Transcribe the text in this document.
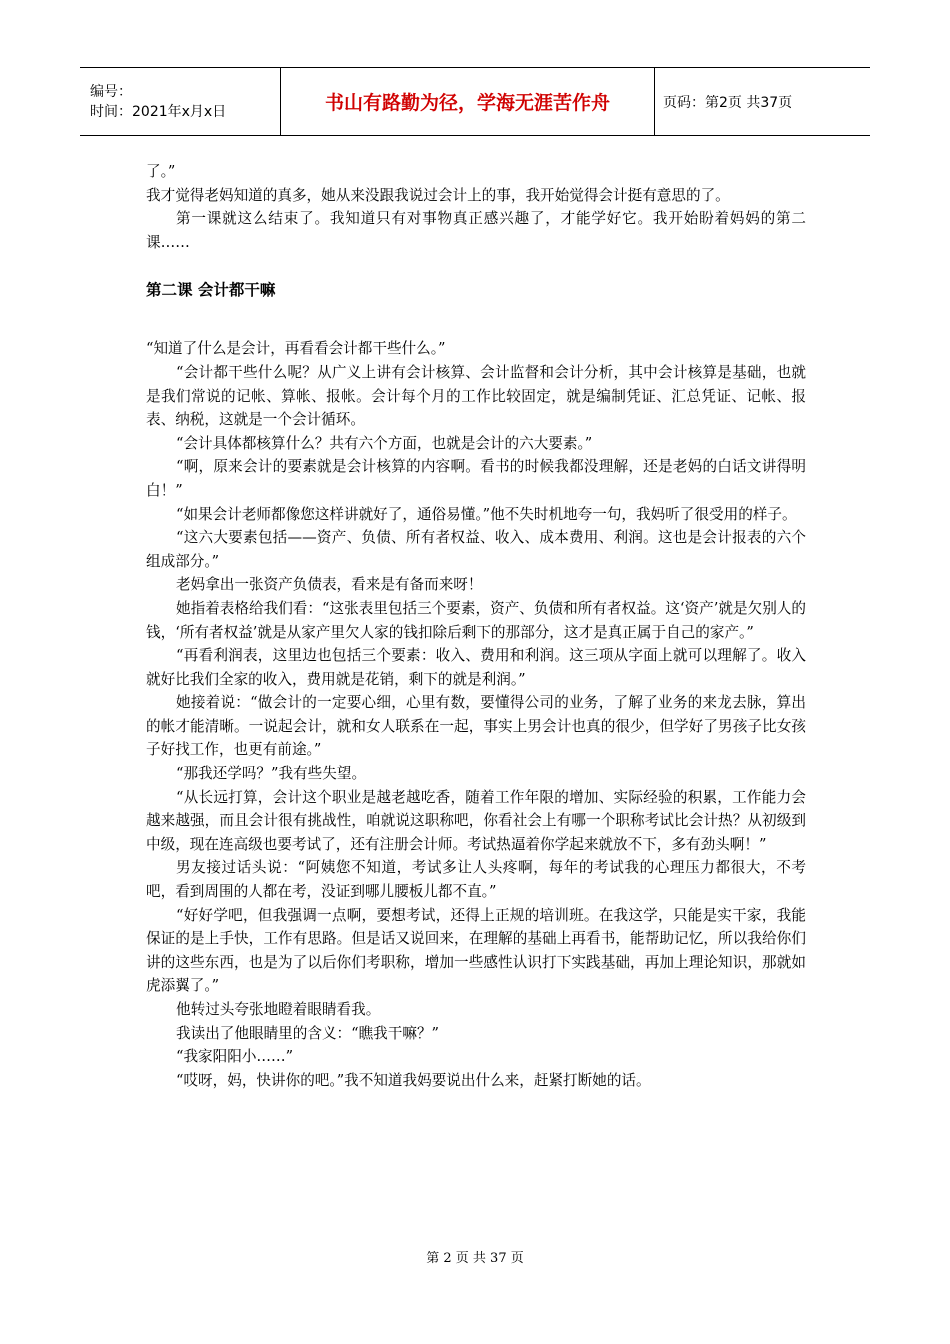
编号：
时间：2021年x月x日	书山有路勤为径，学海无涯苦作舟	页码：第2页 共37页

了。”

我才觉得老妈知道的真多，她从来没跟我说过会计上的事，我开始觉得会计挺有意思的了。

第一课就这么结束了。我知道只有对事物真正感兴趣了，才能学好它。我开始盼着妈妈的第二课……

第二课 会计都干嘛

“知道了什么是会计，再看看会计都干些什么。”

“会计都干些什么呢？从广义上讲有会计核算、会计监督和会计分析，其中会计核算是基础，也就是我们常说的记帐、算帐、报帐。会计每个月的工作比较固定，就是编制凭证、汇总凭证、记帐、报表、纳税，这就是一个会计循环。

“会计具体都核算什么？共有六个方面，也就是会计的六大要素。”

“啊，原来会计的要素就是会计核算的内容啊。看书的时候我都没理解，还是老妈的白话文讲得明白！”

“如果会计老师都像您这样讲就好了，通俗易懂。”他不失时机地夸一句，我妈听了很受用的样子。

“这六大要素包括——资产、负债、所有者权益、收入、成本费用、利润。这也是会计报表的六个组成部分。”

老妈拿出一张资产负债表，看来是有备而来呀！

她指着表格给我们看：“这张表里包括三个要素，资产、负债和所有者权益。这‘资产’就是欠别人的钱，‘所有者权益’就是从家产里欠人家的钱扣除后剩下的那部分，这才是真正属于自己的家产。”

“再看利润表，这里边也包括三个要素：收入、费用和利润。这三项从字面上就可以理解了。收入就好比我们全家的收入，费用就是花销，剩下的就是利润。”

她接着说：“做会计的一定要心细，心里有数，要懂得公司的业务，了解了业务的来龙去脉，算出的帐才能清晰。一说起会计，就和女人联系在一起，事实上男会计也真的很少，但学好了男孩子比女孩子好找工作，也更有前途。”

“那我还学吗？”我有些失望。

“从长远打算，会计这个职业是越老越吃香，随着工作年限的增加、实际经验的积累，工作能力会越来越强，而且会计很有挑战性，咱就说这职称吧，你看社会上有哪一个职称考试比会计热？从初级到中级，现在连高级也要考试了，还有注册会计师。考试热逼着你学起来就放不下，多有劲头啊！”

男友接过话头说：“阿姨您不知道，考试多让人头疼啊，每年的考试我的心理压力都很大，不考吧，看到周围的人都在考，没证到哪儿腰板儿都不直。”

“好好学吧，但我强调一点啊，要想考试，还得上正规的培训班。在我这学，只能是实干家，我能保证的是上手快，工作有思路。但是话又说回来，在理解的基础上再看书，能帮助记忆，所以我给你们讲的这些东西，也是为了以后你们考职称，增加一些感性认识打下实践基础，再加上理论知识，那就如虎添翼了。”

他转过头夸张地瞪着眼睛看我。

我读出了他眼睛里的含义：“瞧我干嘛？”

“我家阳阳小……”

“哎呀，妈，快讲你的吧。”我不知道我妈要说出什么来，赶紧打断她的话。

第 2 页 共 37 页
